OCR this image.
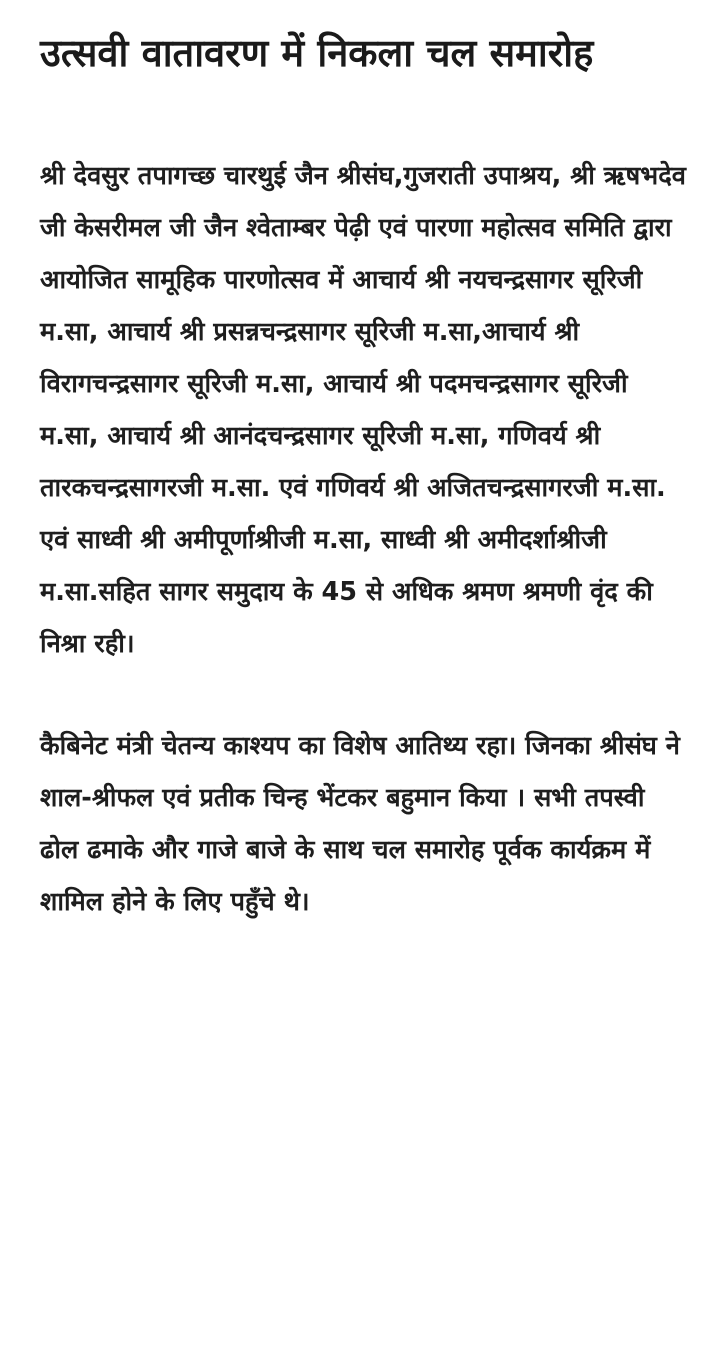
उत्सवी वातावरण में निकला चल समारोह

श्री देवसुर तपागच्छ चारथुई जैन श्रीसंघ,गुजराती उपाश्रय, श्री ऋषभदेव जी केसरीमल जी जैन श्वेताम्बर पेढ़ी एवं पारणा महोत्सव समिति द्वारा आयोजित सामूहिक पारणोत्सव में आचार्य श्री नयचन्द्रसागर सूरिजी म.सा, आचार्य श्री प्रसन्नचन्द्रसागर सूरिजी म.सा,आचार्य श्री विरागचन्द्रसागर सूरिजी म.सा, आचार्य श्री पदमचन्द्रसागर सूरिजी म.सा, आचार्य श्री आनंदचन्द्रसागर सूरिजी म.सा, गणिवर्य श्री तारकचन्द्रसागरजी म.सा. एवं गणिवर्य श्री अजितचन्द्रसागरजी म.सा. एवं साध्वी श्री अमीपूर्णाश्रीजी म.सा, साध्वी श्री अमीदर्शाश्रीजी म.सा.सहित सागर समुदाय के 45 से अधिक श्रमण श्रमणी वृंद की निश्रा रही।

कैबिनेट मंत्री चेतन्य काश्यप का विशेष आतिथ्य रहा। जिनका श्रीसंघ ने शाल-श्रीफल एवं प्रतीक चिन्ह भेंटकर बहुमान किया । सभी तपस्वी ढोल ढमाके और गाजे बाजे के साथ चल समारोह पूर्वक कार्यक्रम में शामिल होने के लिए पहुँचे थे।
